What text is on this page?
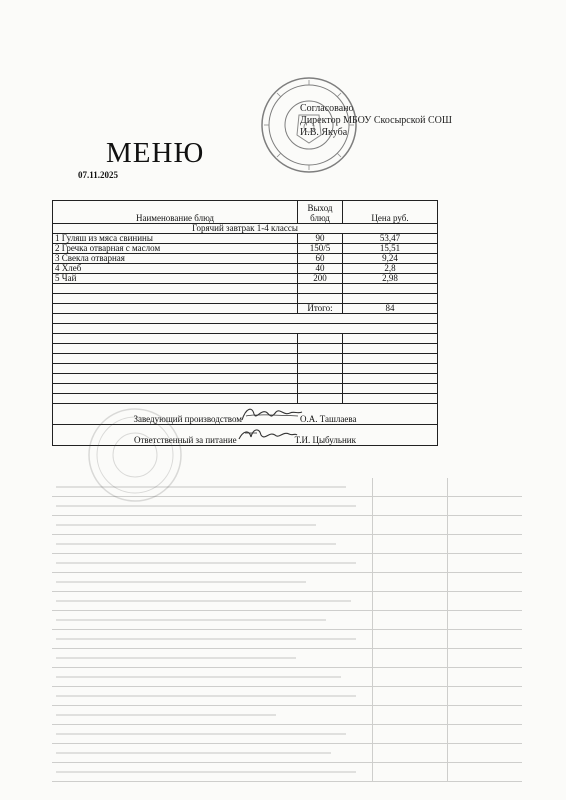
Согласовано
Директор МБОУ Скосырской СОШ
И.В. Якуба
МЕНЮ
07.11.2025
Наименование блюд	Выход блюд	Цена руб.
Горячий завтрак 1-4 классы		
1 Гуляш из мяса свинины	90	53,47
2 Гречка отварная с маслом	150/5	15,51
3 Свекла отварная	60	9,24
4 Хлеб	40	2,8
5 Чай	200	2,98

	Итого:	84

Заведующий производством О.А. Ташлаева		

Ответственный за питание Т.И. Цыбульник		
